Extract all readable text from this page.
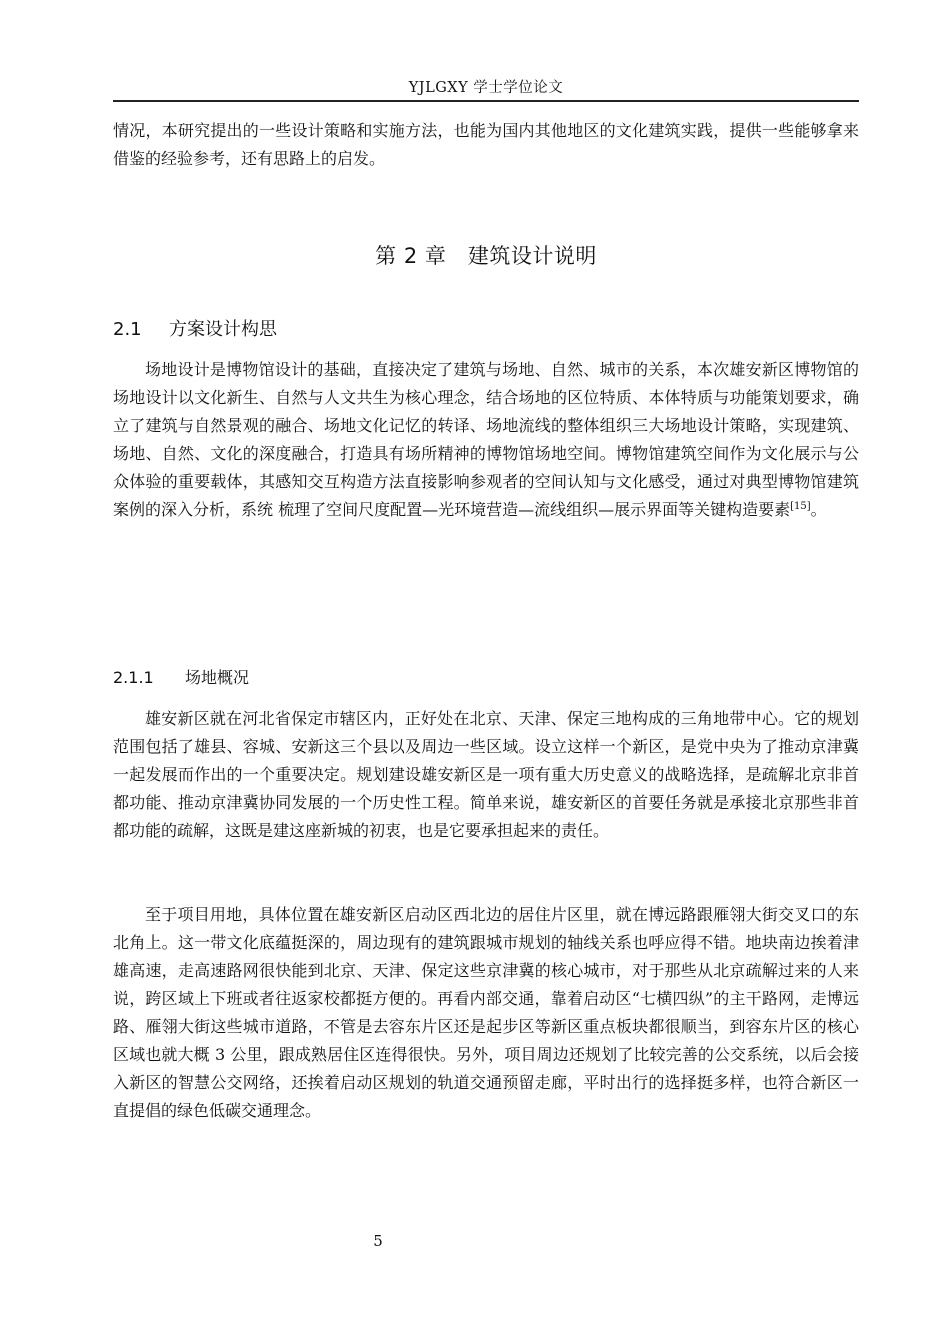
YJLGXY 学士学位论文

情况，本研究提出的一些设计策略和实施方法，也能为国内其他地区的文化建筑实践，提供一些能够拿来借鉴的经验参考，还有思路上的启发。

第 2 章　建筑设计说明
2.1 方案设计构思

场地设计是博物馆设计的基础，直接决定了建筑与场地、自然、城市的关系，本次雄安新区博物馆的场地设计以文化新生、自然与人文共生为核心理念，结合场地的区位特质、本体特质与功能策划要求，确立了建筑与自然景观的融合、场地文化记忆的转译、场地流线的整体组织三大场地设计策略，实现建筑、场地、自然、文化的深度融合，打造具有场所精神的博物馆场地空间。博物馆建筑空间作为文化展示与公众体验的重要载体，其感知交互构造方法直接影响参观者的空间认知与文化感受，通过对典型博物馆建筑案例的深入分析，系统 梳理了空间尺度配置—光环境营造—流线组织—展示界面等关键构造要素[15]。

2.1.1 场地概况

雄安新区就在河北省保定市辖区内，正好处在北京、天津、保定三地构成的三角地带中心。它的规划范围包括了雄县、容城、安新这三个县以及周边一些区域。设立这样一个新区，是党中央为了推动京津冀一起发展而作出的一个重要决定。规划建设雄安新区是一项有重大历史意义的战略选择，是疏解北京非首都功能、推动京津冀协同发展的一个历史性工程。简单来说，雄安新区的首要任务就是承接北京那些非首都功能的疏解，这既是建这座新城的初衷，也是它要承担起来的责任。

至于项目用地，具体位置在雄安新区启动区西北边的居住片区里，就在博远路跟雁翎大街交叉口的东北角上。这一带文化底蕴挺深的，周边现有的建筑跟城市规划的轴线关系也呼应得不错。地块南边挨着津雄高速，走高速路网很快能到北京、天津、保定这些京津冀的核心城市，对于那些从北京疏解过来的人来说，跨区域上下班或者往返家校都挺方便的。再看内部交通，靠着启动区“七横四纵”的主干路网，走博远路、雁翎大街这些城市道路，不管是去容东片区还是起步区等新区重点板块都很顺当，到容东片区的核心区域也就大概 3 公里，跟成熟居住区连得很快。另外，项目周边还规划了比较完善的公交系统，以后会接入新区的智慧公交网络，还挨着启动区规划的轨道交通预留走廊，平时出行的选择挺多样，也符合新区一直提倡的绿色低碳交通理念。

5
